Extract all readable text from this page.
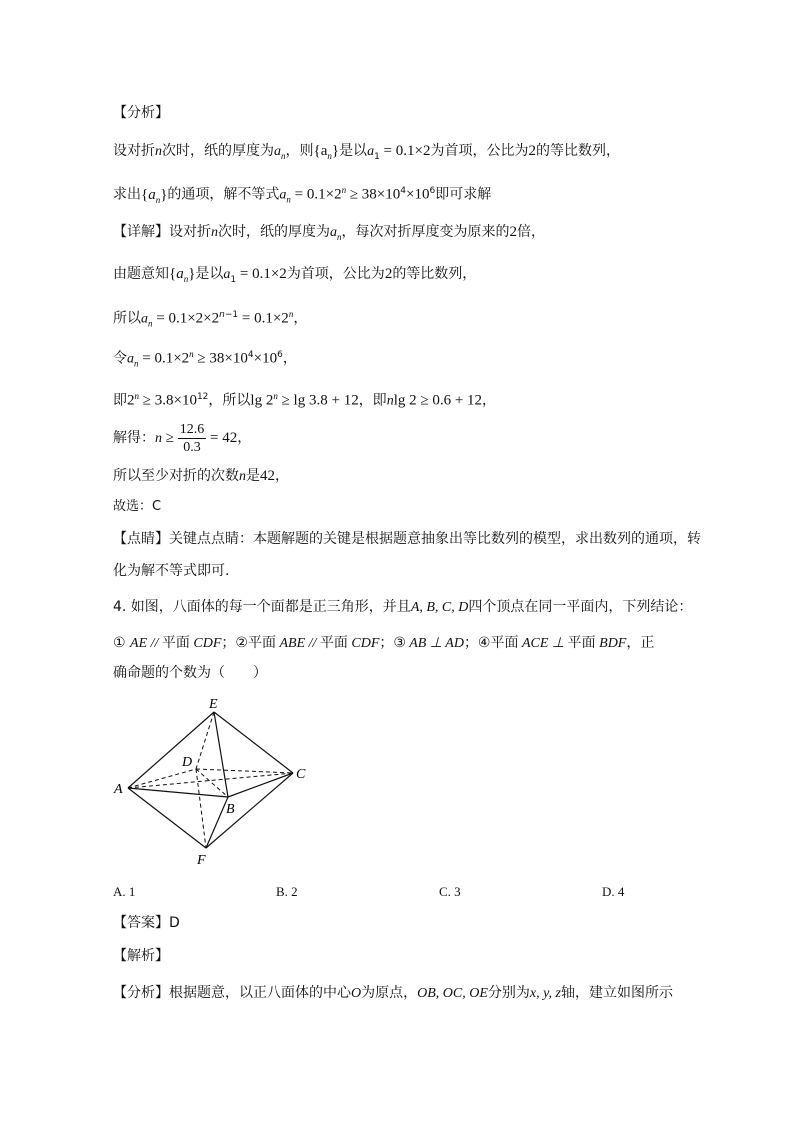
【分析】
设对折n次时，纸的厚度为$a_n$，则$\{a_n\}$是以$a_1 = 0.1\times 2$为首项，公比为2的等比数列，
求出$\{a_n\}$的通项，解不等式$a_n = 0.1\times 2^n \ge 38\times 10^4\times 10^6$即可求解
【详解】设对折n次时，纸的厚度为$a_n$，每次对折厚度变为原来的2倍，
由题意知$\{a_n\}$是以$a_1 = 0.1\times 2$为首项，公比为2的等比数列，
所以$a_n = 0.1\times 2\times 2^{n-1} = 0.1\times 2^n$，
令$a_n = 0.1\times 2^n \ge 38\times 10^4\times 10^6$，
即$2^n \ge 3.8\times 10^{12}$，所以$\lg 2^n \ge \lg 3.8 + 12$，即nlg 2 ≥ 0.6 + 12，
解得：$n \ge \frac{12.6}{0.3} = 42$，
所以至少对折的次数n是42，
故选：C
【点睛】关键点点睛：本题解题的关键是根据题意抽象出等比数列的模型，求出数列的通项，转
化为解不等式即可.
4. 如图，八面体的每一个面都是正三角形，并且A, B, C, D四个顶点在同一平面内，下列结论：
① AE // 平面 CDF；②平面 ABE // 平面 CDF；③ AB ⊥ AD；④平面 ACE ⊥ 平面 BDF，正
确命题的个数为（　　）
E
D
C
A
B
F
A. 1	B. 2	C. 3	D. 4
【答案】D
【解析】
【分析】根据题意，以正八面体的中心O为原点，OB, OC, OE分别为x, y, z轴，建立如图所示
